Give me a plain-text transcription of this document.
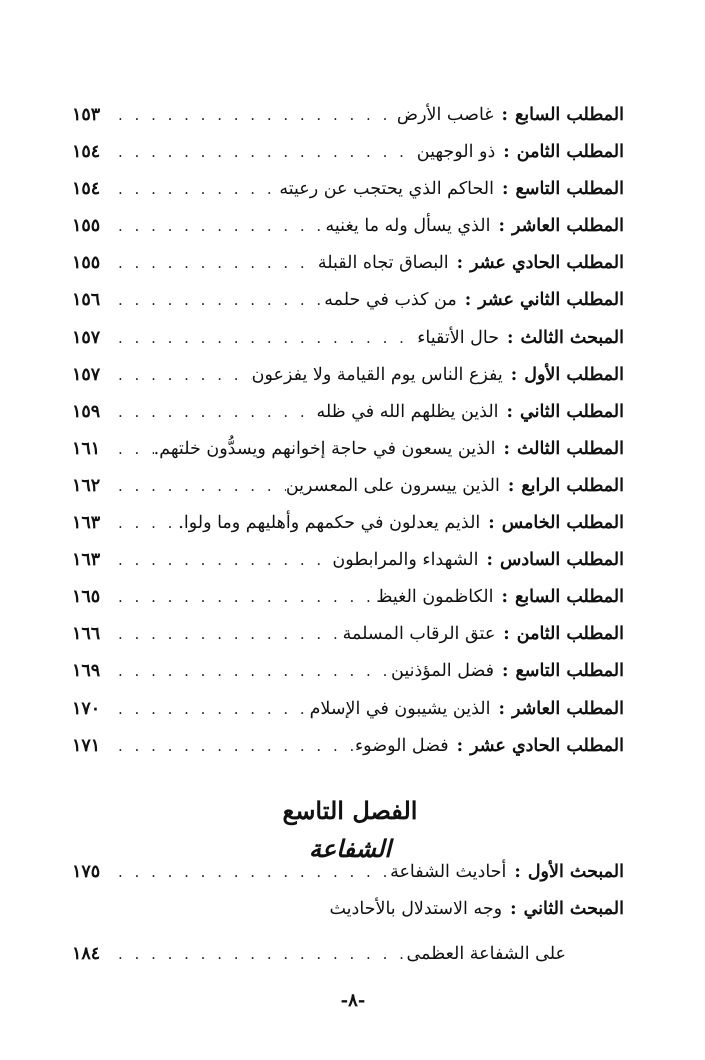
المطلب السابع
:
غاصب الأرض
. . .
١٥٣
المطلب الثامن
:
ذو الوجهين
. . .
١٥٤
المطلب التاسع
:
الحاكم الذي يحتجب عن رعيته
. . .
١٥٤
المطلب العاشر
:
الذي يسأل وله ما يغنيه
. . .
١٥٥
المطلب الحادي عشر
:
البصاق تجاه القبلة
. . .
١٥٥
المطلب الثاني عشر
:
من كذب في حلمه
. . .
١٥٦
المبحث الثالث
:
حال الأتقياء
. . .
١٥٧
المطلب الأول
:
يفزع الناس يوم القيامة ولا يفزعون
. . .
١٥٧
المطلب الثاني
:
الذين يظلهم الله في ظله
. . .
١٥٩
المطلب الثالث
:
الذين يسعون في حاجة إخوانهم ويسدُّون خلتهم.
. . .
١٦١
المطلب الرابع
:
الذين ييسرون على المعسرين
. . .
١٦٢
المطلب الخامس
:
الذيم يعدلون في حكمهم وأهليهم وما ولوا.
. . .
١٦٣
المطلب السادس
:
الشهداء والمرابطون
. . .
١٦٣
المطلب السابع
:
الكاظمون الغيظ
. . .
١٦٥
المطلب الثامن
:
عتق الرقاب المسلمة
. . .
١٦٦
المطلب التاسع
:
فضل المؤذنين
. . .
١٦٩
المطلب العاشر
:
الذين يشيبون في الإسلام
. . .
١٧٠
المطلب الحادي عشر
:
فضل الوضوء
. . .
١٧١
الفصل التاسع
الشفاعة
المبحث الأول
:
أحاديث الشفاعة
. . .
١٧٥
المبحث الثاني
:
وجه الاستدلال بالأحاديث
على الشفاعة العظمى
. . .
١٨٤
-٨-
